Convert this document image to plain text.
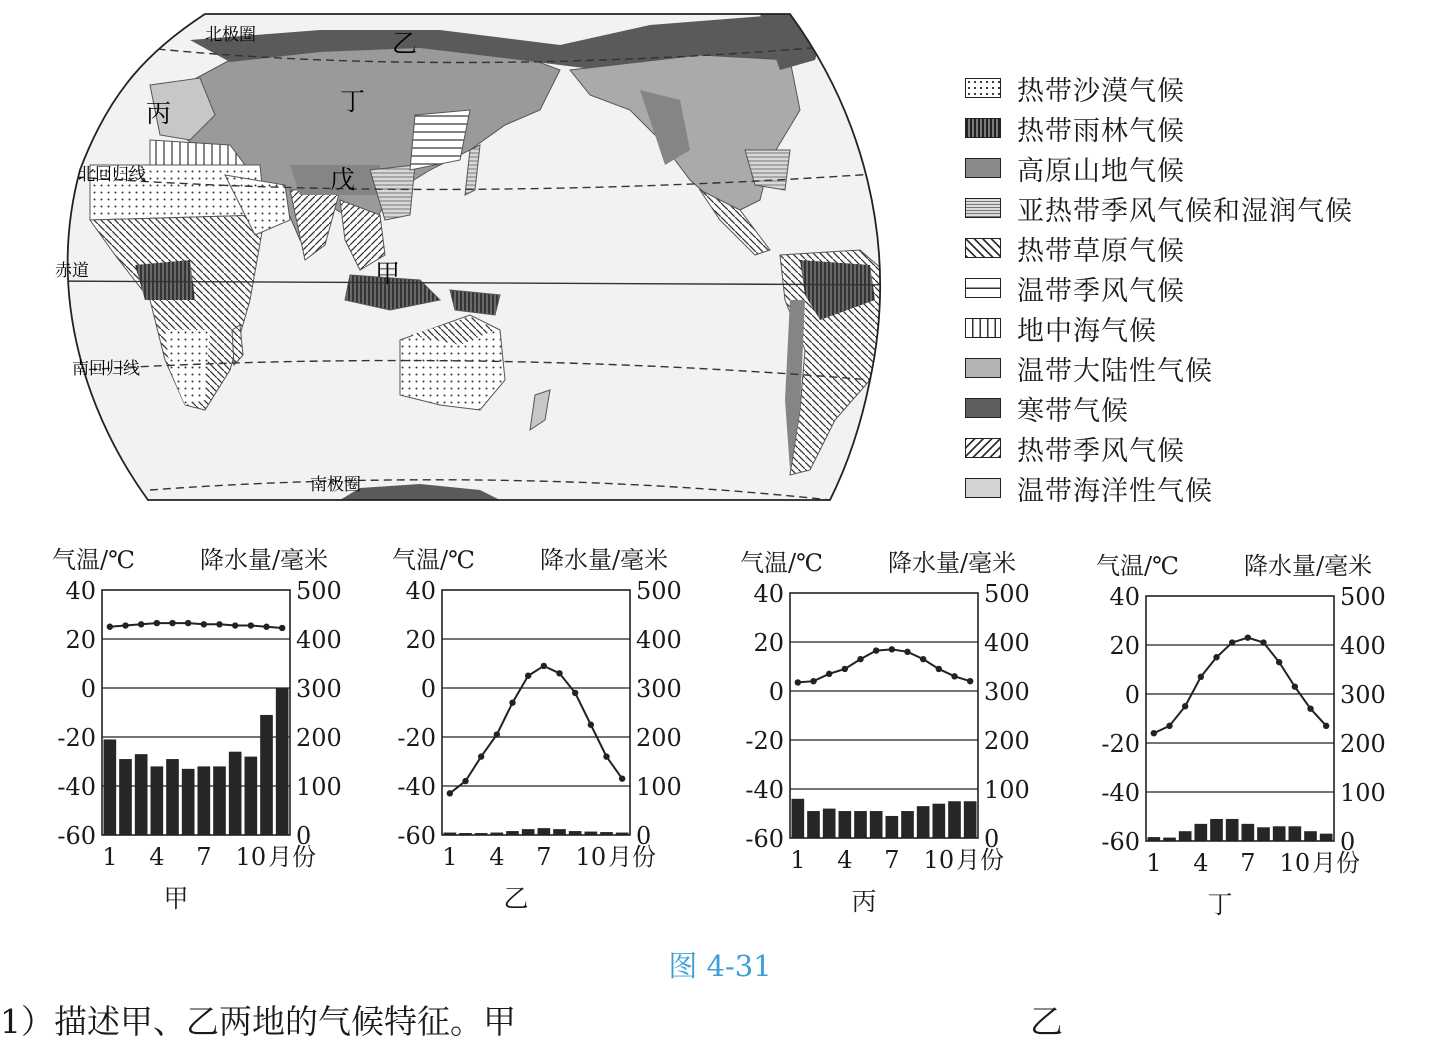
北极圈
北回归线
赤道
南回归线
南极圈
乙
丁
丙
戊
甲
热带沙漠气候
热带雨林气候
高原山地气候
亚热带季风气候和湿润气候
热带草原气候
温带季风气候
地中海气候
温带大陆性气候
寒带气候
热带季风气候
温带海洋性气候
气温/℃	降水量/毫米
40
20
0
-20
-40
-60
500
400
300
200
100
0
1 4 7 10 月份
甲
气温/℃	降水量/毫米
40
20
0
-20
-40
-60
500
400
300
200
100
0
1 4 7 10 月份
乙
气温/℃	降水量/毫米
40
20
0
-20
-40
-60
500
400
300
200
100
0
1 4 7 10 月份
丙
气温/℃	降水量/毫米
40
20
0
-20
-40
-60
500
400
300
200
100
0
1 4 7 10 月份
丁
图 4-31
1）描述甲、乙两地的气候特征。甲	乙
